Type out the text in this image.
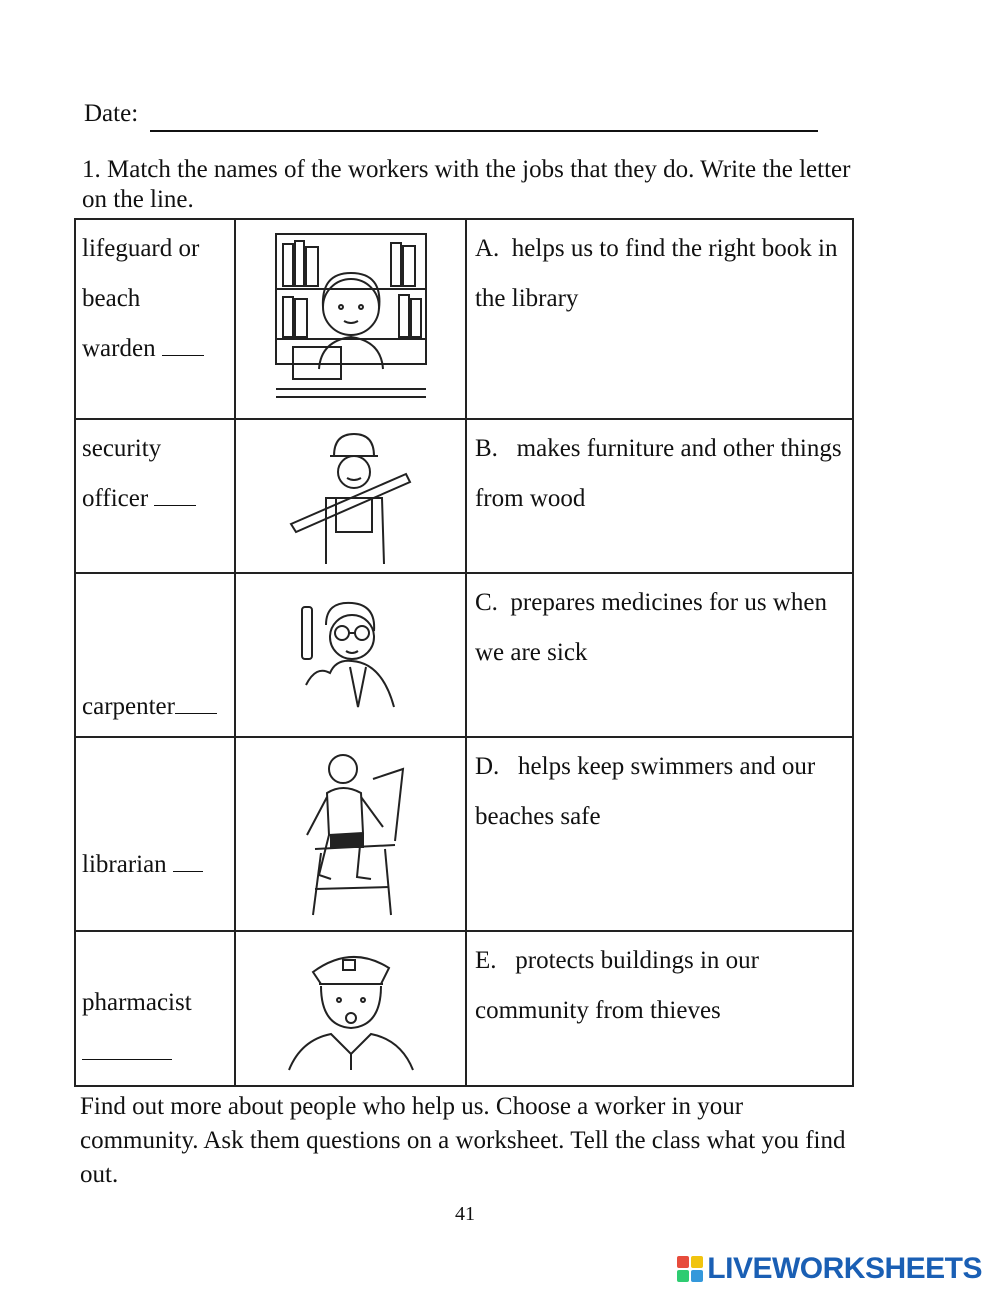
Date:
1. Match the names of the workers with the jobs that they do. Write the letter on the line.
lifeguard or
beach
warden		A. helps us to find the right book in the library
security
officer		B. makes furniture and other things from wood
carpenter		C. prepares medicines for us when we are sick
librarian		D. helps keep swimmers and our beaches safe
pharmacist		E. protects buildings in our community from thieves
Find out more about people who help us. Choose a worker in your community. Ask them questions on a worksheet. Tell the class what you find out.
41
LIVEWORKSHEETS
